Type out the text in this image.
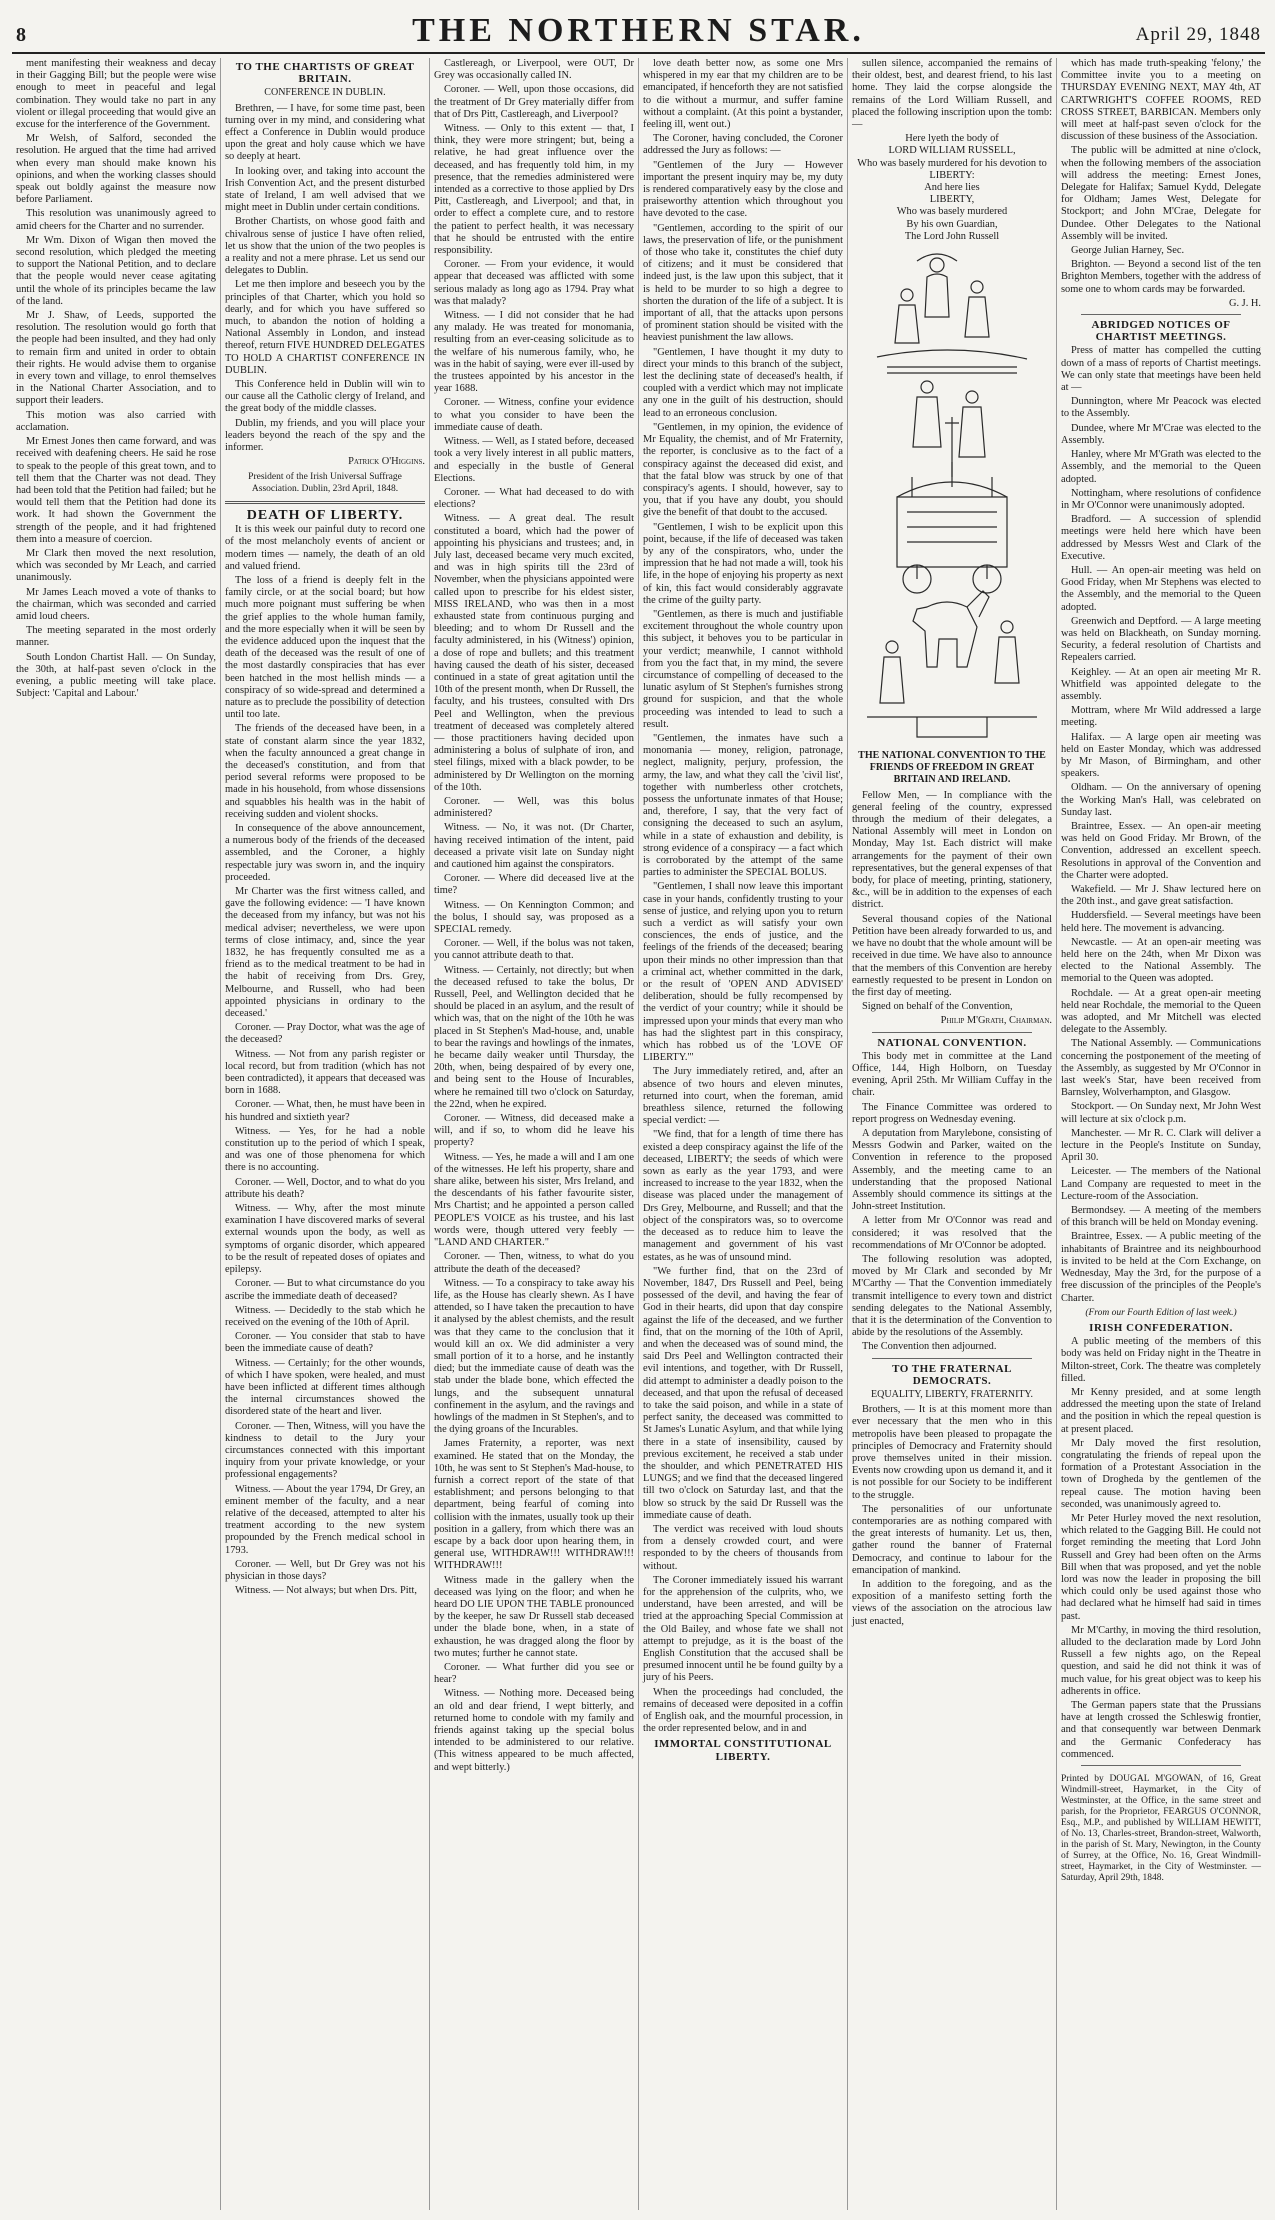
8	THE NORTHERN STAR.	April 29, 1848

ment manifesting their weakness and decay in their Gagging Bill; but the people were wise enough to meet in peaceful and legal combination. They would take no part in any violent or illegal proceeding that would give an excuse for the interference of the Government.

Mr Welsh, of Salford, seconded the resolution. He argued that the time had arrived when every man should make known his opinions, and when the working classes should speak out boldly against the measure now before Parliament.

This resolution was unanimously agreed to amid cheers for the Charter and no surrender.

Mr Wm. Dixon of Wigan then moved the second resolution, which pledged the meeting to support the National Petition, and to declare that the people would never cease agitating until the whole of its principles became the law of the land.

Mr J. Shaw, of Leeds, supported the resolution. The resolution would go forth that the people had been insulted, and they had only to remain firm and united in order to obtain their rights. He would advise them to organise in every town and village, to enrol themselves in the National Charter Association, and to support their leaders.

This motion was also carried with acclamation.

Mr Ernest Jones then came forward, and was received with deafening cheers. He said he rose to speak to the people of this great town, and to tell them that the Charter was not dead. They had been told that the Petition had failed; but he would tell them that the Petition had done its work. It had shown the Government the strength of the people, and it had frightened them into a measure of coercion.

Mr Clark then moved the next resolution, which was seconded by Mr Leach, and carried unanimously.

Mr James Leach moved a vote of thanks to the chairman, which was seconded and carried amid loud cheers.

The meeting separated in the most orderly manner.

South London Chartist Hall. — On Sunday, the 30th, at half-past seven o'clock in the evening, a public meeting will take place. Subject: 'Capital and Labour.'

TO THE CHARTISTS OF GREAT BRITAIN.

CONFERENCE IN DUBLIN.

Brethren, — I have, for some time past, been turning over in my mind, and considering what effect a Conference in Dublin would produce upon the great and holy cause which we have so deeply at heart.

In looking over, and taking into account the Irish Convention Act, and the present disturbed state of Ireland, I am well advised that we might meet in Dublin under certain conditions.

Brother Chartists, on whose good faith and chivalrous sense of justice I have often relied, let us show that the union of the two peoples is a reality and not a mere phrase. Let us send our delegates to Dublin.

Let me then implore and beseech you by the principles of that Charter, which you hold so dearly, and for which you have suffered so much, to abandon the notion of holding a National Assembly in London, and instead thereof, return FIVE HUNDRED DELEGATES TO HOLD A CHARTIST CONFERENCE IN DUBLIN.

This Conference held in Dublin will win to our cause all the Catholic clergy of Ireland, and the great body of the middle classes.

Dublin, my friends, and you will place your leaders beyond the reach of the spy and the informer.

Patrick O'Higgins.

President of the Irish Universal Suffrage Association. Dublin, 23rd April, 1848.

DEATH OF LIBERTY.

It is this week our painful duty to record one of the most melancholy events of ancient or modern times — namely, the death of an old and valued friend.

The loss of a friend is deeply felt in the family circle, or at the social board; but how much more poignant must suffering be when the grief applies to the whole human family, and the more especially when it will be seen by the evidence adduced upon the inquest that the death of the deceased was the result of one of the most dastardly conspiracies that has ever been hatched in the most hellish minds — a conspiracy of so wide-spread and determined a nature as to preclude the possibility of detection until too late.

The friends of the deceased have been, in a state of constant alarm since the year 1832, when the faculty announced a great change in the deceased's constitution, and from that period several reforms were proposed to be made in his household, from whose dissensions and squabbles his health was in the habit of receiving sudden and violent shocks.

In consequence of the above announcement, a numerous body of the friends of the deceased assembled, and the Coroner, a highly respectable jury was sworn in, and the inquiry proceeded.

Mr Charter was the first witness called, and gave the following evidence: — 'I have known the deceased from my infancy, but was not his medical adviser; nevertheless, we were upon terms of close intimacy, and, since the year 1832, he has frequently consulted me as a friend as to the medical treatment to be had in the habit of receiving from Drs. Grey, Melbourne, and Russell, who had been appointed physicians in ordinary to the deceased.'

Coroner. — Pray Doctor, what was the age of the deceased?

Witness. — Not from any parish register or local record, but from tradition (which has not been contradicted), it appears that deceased was born in 1688.

Coroner. — What, then, he must have been in his hundred and sixtieth year?

Witness. — Yes, for he had a noble constitution up to the period of which I speak, and was one of those phenomena for which there is no accounting.

Coroner. — Well, Doctor, and to what do you attribute his death?

Witness. — Why, after the most minute examination I have discovered marks of several external wounds upon the body, as well as symptoms of organic disorder, which appeared to be the result of repeated doses of opiates and epilepsy.

Coroner. — But to what circumstance do you ascribe the immediate death of deceased?

Witness. — Decidedly to the stab which he received on the evening of the 10th of April.

Coroner. — You consider that stab to have been the immediate cause of death?

Witness. — Certainly; for the other wounds, of which I have spoken, were healed, and must have been inflicted at different times although the internal circumstances showed the disordered state of the heart and liver.

Coroner. — Then, Witness, will you have the kindness to detail to the Jury your circumstances connected with this important inquiry from your private knowledge, or your professional engagements?

Witness. — About the year 1794, Dr Grey, an eminent member of the faculty, and a near relative of the deceased, attempted to alter his treatment according to the new system propounded by the French medical school in 1793.

Coroner. — Well, but Dr Grey was not his physician in those days?

Witness. — Not always; but when Drs. Pitt,

Castlereagh, or Liverpool, were OUT, Dr Grey was occasionally called IN.

Coroner. — Well, upon those occasions, did the treatment of Dr Grey materially differ from that of Drs Pitt, Castlereagh, and Liverpool?

Witness. — Only to this extent — that, I think, they were more stringent; but, being a relative, he had great influence over the deceased, and has frequently told him, in my presence, that the remedies administered were intended as a corrective to those applied by Drs Pitt, Castlereagh, and Liverpool; and that, in order to effect a complete cure, and to restore the patient to perfect health, it was necessary that he should be entrusted with the entire responsibility.

Coroner. — From your evidence, it would appear that deceased was afflicted with some serious malady as long ago as 1794. Pray what was that malady?

Witness. — I did not consider that he had any malady. He was treated for monomania, resulting from an ever-ceasing solicitude as to the welfare of his numerous family, who, he was in the habit of saying, were ever ill-used by the trustees appointed by his ancestor in the year 1688.

Coroner. — Witness, confine your evidence to what you consider to have been the immediate cause of death.

Witness. — Well, as I stated before, deceased took a very lively interest in all public matters, and especially in the bustle of General Elections.

Coroner. — What had deceased to do with elections?

Witness. — A great deal. The result constituted a board, which had the power of appointing his physicians and trustees; and, in July last, deceased became very much excited, and was in high spirits till the 23rd of November, when the physicians appointed were called upon to prescribe for his eldest sister, MISS IRELAND, who was then in a most exhausted state from continuous purging and bleeding; and to whom Dr Russell and the faculty administered, in his (Witness') opinion, a dose of rope and bullets; and this treatment having caused the death of his sister, deceased continued in a state of great agitation until the 10th of the present month, when Dr Russell, the faculty, and his trustees, consulted with Drs Peel and Wellington, when the previous treatment of deceased was completely altered — those practitioners having decided upon administering a bolus of sulphate of iron, and steel filings, mixed with a black powder, to be administered by Dr Wellington on the morning of the 10th.

Coroner. — Well, was this bolus administered?

Witness. — No, it was not. (Dr Charter, having received intimation of the intent, paid deceased a private visit late on Sunday night and cautioned him against the conspirators.

Coroner. — Where did deceased live at the time?

Witness. — On Kennington Common; and the bolus, I should say, was proposed as a SPECIAL remedy.

Coroner. — Well, if the bolus was not taken, you cannot attribute death to that.

Witness. — Certainly, not directly; but when the deceased refused to take the bolus, Dr Russell, Peel, and Wellington decided that he should be placed in an asylum, and the result of which was, that on the night of the 10th he was placed in St Stephen's Mad-house, and, unable to bear the ravings and howlings of the inmates, he became daily weaker until Thursday, the 20th, when, being despaired of by every one, and being sent to the House of Incurables, where he remained till two o'clock on Saturday, the 22nd, when he expired.

Coroner. — Witness, did deceased make a will, and if so, to whom did he leave his property?

Witness. — Yes, he made a will and I am one of the witnesses. He left his property, share and share alike, between his sister, Mrs Ireland, and the descendants of his father favourite sister, Mrs Chartist; and he appointed a person called PEOPLE'S VOICE as his trustee, and his last words were, though uttered very feebly — "LAND AND CHARTER."

Coroner. — Then, witness, to what do you attribute the death of the deceased?

Witness. — To a conspiracy to take away his life, as the House has clearly shewn. As I have attended, so I have taken the precaution to have it analysed by the ablest chemists, and the result was that they came to the conclusion that it would kill an ox. We did administer a very small portion of it to a horse, and he instantly died; but the immediate cause of death was the stab under the blade bone, which effected the lungs, and the subsequent unnatural confinement in the asylum, and the ravings and howlings of the madmen in St Stephen's, and to the dying groans of the Incurables.

James Fraternity, a reporter, was next examined. He stated that on the Monday, the 10th, he was sent to St Stephen's Mad-house, to furnish a correct report of the state of that establishment; and persons belonging to that department, being fearful of coming into collision with the inmates, usually took up their position in a gallery, from which there was an escape by a back door upon hearing them, in general use, WITHDRAW!!! WITHDRAW!!! WITHDRAW!!!

Witness made in the gallery when the deceased was lying on the floor; and when he heard DO LIE UPON THE TABLE pronounced by the keeper, he saw Dr Russell stab deceased under the blade bone, when, in a state of exhaustion, he was dragged along the floor by two mutes; further he cannot state.

Coroner. — What further did you see or hear?

Witness. — Nothing more. Deceased being an old and dear friend, I wept bitterly, and returned home to condole with my family and friends against taking up the special bolus intended to be administered to our relative. (This witness appeared to be much affected, and wept bitterly.)

love death better now, as some one Mrs whispered in my ear that my children are to be emancipated, if henceforth they are not satisfied to die without a murmur, and suffer famine without a complaint. (At this point a bystander, feeling ill, went out.)

The Coroner, having concluded, the Coroner addressed the Jury as follows: —

"Gentlemen of the Jury — However important the present inquiry may be, my duty is rendered comparatively easy by the close and praiseworthy attention which throughout you have devoted to the case.

"Gentlemen, according to the spirit of our laws, the preservation of life, or the punishment of those who take it, constitutes the chief duty of citizens; and it must be considered that indeed just, is the law upon this subject, that it is held to be murder to so high a degree to shorten the duration of the life of a subject. It is important of all, that the attacks upon persons of prominent station should be visited with the heaviest punishment the law allows.

"Gentlemen, I have thought it my duty to direct your minds to this branch of the subject, lest the declining state of deceased's health, if coupled with a verdict which may not implicate any one in the guilt of his destruction, should lead to an erroneous conclusion.

"Gentlemen, in my opinion, the evidence of Mr Equality, the chemist, and of Mr Fraternity, the reporter, is conclusive as to the fact of a conspiracy against the deceased did exist, and that the fatal blow was struck by one of that conspiracy's agents. I should, however, say to you, that if you have any doubt, you should give the benefit of that doubt to the accused.

"Gentlemen, I wish to be explicit upon this point, because, if the life of deceased was taken by any of the conspirators, who, under the impression that he had not made a will, took his life, in the hope of enjoying his property as next of kin, this fact would considerably aggravate the crime of the guilty party.

"Gentlemen, as there is much and justifiable excitement throughout the whole country upon this subject, it behoves you to be particular in your verdict; meanwhile, I cannot withhold from you the fact that, in my mind, the severe circumstance of compelling of deceased to the lunatic asylum of St Stephen's furnishes strong ground for suspicion, and that the whole proceeding was intended to lead to such a result.

"Gentlemen, the inmates have such a monomania — money, religion, patronage, neglect, malignity, perjury, profession, the army, the law, and what they call the 'civil list', together with numberless other crotchets, possess the unfortunate inmates of that House; and, therefore, I say, that the very fact of consigning the deceased to such an asylum, while in a state of exhaustion and debility, is strong evidence of a conspiracy — a fact which is corroborated by the attempt of the same parties to administer the SPECIAL BOLUS.

"Gentlemen, I shall now leave this important case in your hands, confidently trusting to your sense of justice, and relying upon you to return such a verdict as will satisfy your own consciences, the ends of justice, and the feelings of the friends of the deceased; bearing upon their minds no other impression than that a criminal act, whether committed in the dark, or the result of 'OPEN AND ADVISED' deliberation, should be fully recompensed by the verdict of your country; while it should be impressed upon your minds that every man who has had the slightest part in this conspiracy, which has robbed us of the 'LOVE OF LIBERTY.'"

The Jury immediately retired, and, after an absence of two hours and eleven minutes, returned into court, when the foreman, amid breathless silence, returned the following special verdict: —

"We find, that for a length of time there has existed a deep conspiracy against the life of the deceased, LIBERTY; the seeds of which were sown as early as the year 1793, and were increased to increase to the year 1832, when the disease was placed under the management of Drs Grey, Melbourne, and Russell; and that the object of the conspirators was, so to overcome the deceased as to reduce him to leave the management and government of his vast estates, as he was of unsound mind.

"We further find, that on the 23rd of November, 1847, Drs Russell and Peel, being possessed of the devil, and having the fear of God in their hearts, did upon that day conspire against the life of the deceased, and we further find, that on the morning of the 10th of April, and when the deceased was of sound mind, the said Drs Peel and Wellington contracted their evil intentions, and together, with Dr Russell, did attempt to administer a deadly poison to the deceased, and that upon the refusal of deceased to take the said poison, and while in a state of perfect sanity, the deceased was committed to St James's Lunatic Asylum, and that while lying there in a state of insensibility, caused by previous excitement, he received a stab under the shoulder, and which PENETRATED HIS LUNGS; and we find that the deceased lingered till two o'clock on Saturday last, and that the blow so struck by the said Dr Russell was the immediate cause of death.

The verdict was received with loud shouts from a densely crowded court, and were responded to by the cheers of thousands from without.

The Coroner immediately issued his warrant for the apprehension of the culprits, who, we understand, have been arrested, and will be tried at the approaching Special Commission at the Old Bailey, and whose fate we shall not attempt to prejudge, as it is the boast of the English Constitution that the accused shall be presumed innocent until he be found guilty by a jury of his Peers.

When the proceedings had concluded, the remains of deceased were deposited in a coffin of English oak, and the mournful procession, in the order represented below, and in and

IMMORTAL CONSTITUTIONAL LIBERTY.

sullen silence, accompanied the remains of their oldest, best, and dearest friend, to his last home. They laid the corpse alongside the remains of the Lord William Russell, and placed the following inscription upon the tomb: —

Here lyeth the body of

LORD WILLIAM RUSSELL,

Who was basely murdered for his devotion to

LIBERTY:

And here lies

LIBERTY,

Who was basely murdered

By his own Guardian,

The Lord John Russell

THE NATIONAL CONVENTION TO THE FRIENDS OF FREEDOM IN GREAT BRITAIN AND IRELAND.

Fellow Men, — In compliance with the general feeling of the country, expressed through the medium of their delegates, a National Assembly will meet in London on Monday, May 1st. Each district will make arrangements for the payment of their own representatives, but the general expenses of that body, for place of meeting, printing, stationery, &c., will be in addition to the expenses of each district.

Several thousand copies of the National Petition have been already forwarded to us, and we have no doubt that the whole amount will be received in due time. We have also to announce that the members of this Convention are hereby earnestly requested to be present in London on the first day of meeting.

Signed on behalf of the Convention,

Philip M'Grath, Chairman.

NATIONAL CONVENTION.

This body met in committee at the Land Office, 144, High Holborn, on Tuesday evening, April 25th. Mr William Cuffay in the chair.

The Finance Committee was ordered to report progress on Wednesday evening.

A deputation from Marylebone, consisting of Messrs Godwin and Parker, waited on the Convention in reference to the proposed Assembly, and the meeting came to an understanding that the proposed National Assembly should commence its sittings at the John-street Institution.

A letter from Mr O'Connor was read and considered; it was resolved that the recommendations of Mr O'Connor be adopted.

The following resolution was adopted, moved by Mr Clark and seconded by Mr M'Carthy — That the Convention immediately transmit intelligence to every town and district sending delegates to the National Assembly, that it is the determination of the Convention to abide by the resolutions of the Assembly.

The Convention then adjourned.

TO THE FRATERNAL DEMOCRATS.

EQUALITY, LIBERTY, FRATERNITY.

Brothers, — It is at this moment more than ever necessary that the men who in this metropolis have been pleased to propagate the principles of Democracy and Fraternity should prove themselves united in their mission. Events now crowding upon us demand it, and it is not possible for our Society to be indifferent to the struggle.

The personalities of our unfortunate contemporaries are as nothing compared with the great interests of humanity. Let us, then, gather round the banner of Fraternal Democracy, and continue to labour for the emancipation of mankind.

In addition to the foregoing, and as the exposition of a manifesto setting forth the views of the association on the atrocious law just enacted,

which has made truth-speaking 'felony,' the Committee invite you to a meeting on THURSDAY EVENING NEXT, MAY 4th, AT CARTWRIGHT'S COFFEE ROOMS, RED CROSS STREET, BARBICAN. Members only will meet at half-past seven o'clock for the discussion of these business of the Association.

The public will be admitted at nine o'clock, when the following members of the association will address the meeting: Ernest Jones, Delegate for Halifax; Samuel Kydd, Delegate for Oldham; James West, Delegate for Stockport; and John M'Crae, Delegate for Dundee. Other Delegates to the National Assembly will be invited.

George Julian Harney, Sec.

Brighton. — Beyond a second list of the ten Brighton Members, together with the address of some one to whom cards may be forwarded.

G. J. H.

ABRIDGED NOTICES OF CHARTIST MEETINGS.

Press of matter has compelled the cutting down of a mass of reports of Chartist meetings. We can only state that meetings have been held at —

Dunnington, where Mr Peacock was elected to the Assembly.

Dundee, where Mr M'Crae was elected to the Assembly.

Hanley, where Mr M'Grath was elected to the Assembly, and the memorial to the Queen adopted.

Nottingham, where resolutions of confidence in Mr O'Connor were unanimously adopted.

Bradford. — A succession of splendid meetings were held here which have been addressed by Messrs West and Clark of the Executive.

Hull. — An open-air meeting was held on Good Friday, when Mr Stephens was elected to the Assembly, and the memorial to the Queen adopted.

Greenwich and Deptford. — A large meeting was held on Blackheath, on Sunday morning. Security, a federal resolution of Chartists and Repealers carried.

Keighley. — At an open air meeting Mr R. Whitfield was appointed delegate to the assembly.

Mottram, where Mr Wild addressed a large meeting.

Halifax. — A large open air meeting was held on Easter Monday, which was addressed by Mr Mason, of Birmingham, and other speakers.

Oldham. — On the anniversary of opening the Working Man's Hall, was celebrated on Sunday last.

Braintree, Essex. — An open-air meeting was held on Good Friday. Mr Brown, of the Convention, addressed an excellent speech. Resolutions in approval of the Convention and the Charter were adopted.

Wakefield. — Mr J. Shaw lectured here on the 20th inst., and gave great satisfaction.

Huddersfield. — Several meetings have been held here. The movement is advancing.

Newcastle. — At an open-air meeting was held here on the 24th, when Mr Dixon was elected to the National Assembly. The memorial to the Queen was adopted.

Rochdale. — At a great open-air meeting held near Rochdale, the memorial to the Queen was adopted, and Mr Mitchell was elected delegate to the Assembly.

The National Assembly. — Communications concerning the postponement of the meeting of the Assembly, as suggested by Mr O'Connor in last week's Star, have been received from Barnsley, Wolverhampton, and Glasgow.

Stockport. — On Sunday next, Mr John West will lecture at six o'clock p.m.

Manchester. — Mr R. C. Clark will deliver a lecture in the People's Institute on Sunday, April 30.

Leicester. — The members of the National Land Company are requested to meet in the Lecture-room of the Association.

Bermondsey. — A meeting of the members of this branch will be held on Monday evening.

Braintree, Essex. — A public meeting of the inhabitants of Braintree and its neighbourhood is invited to be held at the Corn Exchange, on Wednesday, May the 3rd, for the purpose of a free discussion of the principles of the People's Charter.

(From our Fourth Edition of last week.)

IRISH CONFEDERATION.

A public meeting of the members of this body was held on Friday night in the Theatre in Milton-street, Cork. The theatre was completely filled.

Mr Kenny presided, and at some length addressed the meeting upon the state of Ireland and the position in which the repeal question is at present placed.

Mr Daly moved the first resolution, congratulating the friends of repeal upon the formation of a Protestant Association in the town of Drogheda by the gentlemen of the repeal cause. The motion having been seconded, was unanimously agreed to.

Mr Peter Hurley moved the next resolution, which related to the Gagging Bill. He could not forget reminding the meeting that Lord John Russell and Grey had been often on the Arms Bill when that was proposed, and yet the noble lord was now the leader in proposing the bill which could only be used against those who had declared what he himself had said in times past.

Mr M'Carthy, in moving the third resolution, alluded to the declaration made by Lord John Russell a few nights ago, on the Repeal question, and said he did not think it was of much value, for his great object was to keep his adherents in office.

The German papers state that the Prussians have at length crossed the Schleswig frontier, and that consequently war between Denmark and the Germanic Confederacy has commenced.

Printed by DOUGAL M'GOWAN, of 16, Great Windmill-street, Haymarket, in the City of Westminster, at the Office, in the same street and parish, for the Proprietor, FEARGUS O'CONNOR, Esq., M.P., and published by WILLIAM HEWITT, of No. 13, Charles-street, Brandon-street, Walworth, in the parish of St. Mary, Newington, in the County of Surrey, at the Office, No. 16, Great Windmill-street, Haymarket, in the City of Westminster. — Saturday, April 29th, 1848.
